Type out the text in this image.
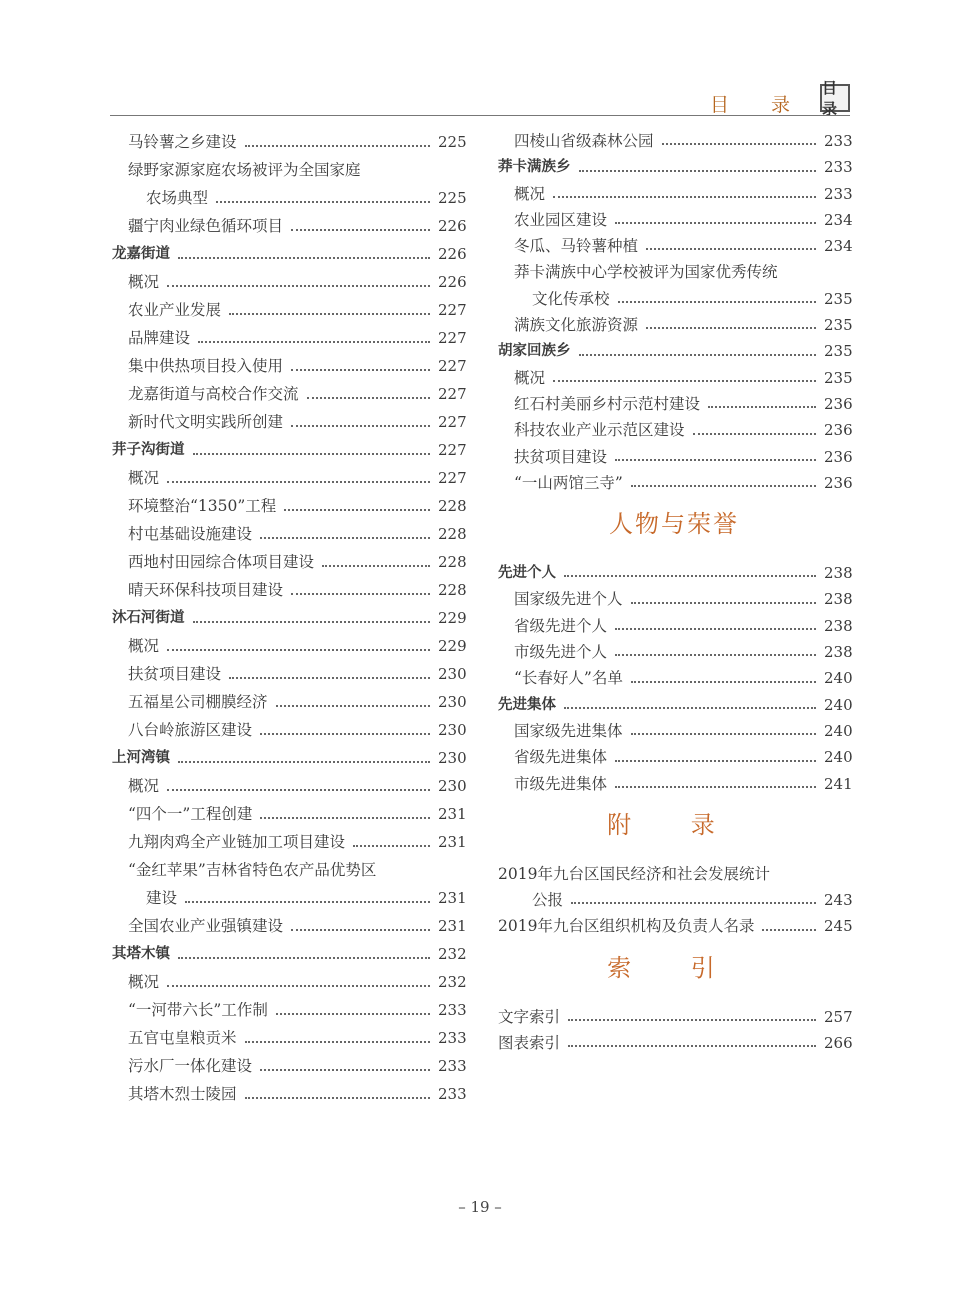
目 录
目录
马铃薯之乡建设	225
绿野家源家庭农场被评为全国家庭
农场典型	225
疆宁肉业绿色循环项目	226
龙嘉街道	226
概况	226
农业产业发展	227
品牌建设	227
集中供热项目投入使用	227
龙嘉街道与高校合作交流	227
新时代文明实践所创建	227
茾子沟街道	227
概况	227
环境整治“1350”工程	228
村屯基础设施建设	228
西地村田园综合体项目建设	228
晴天环保科技项目建设	228
沐石河街道	229
概况	229
扶贫项目建设	230
五福星公司棚膜经济	230
八台岭旅游区建设	230
上河湾镇	230
概况	230
“四个一”工程创建	231
九翔肉鸡全产业链加工项目建设	231
“金红苹果”吉林省特色农产品优势区
建设	231
全国农业产业强镇建设	231
其塔木镇	232
概况	232
“一河带六长”工作制	233
五官屯皇粮贡米	233
污水厂一体化建设	233
其塔木烈士陵园	233
四棱山省级森林公园	233
莽卡满族乡	233
概况	233
农业园区建设	234
冬瓜、马铃薯种植	234
莽卡满族中心学校被评为国家优秀传统
文化传承校	235
满族文化旅游资源	235
胡家回族乡	235
概况	235
红石村美丽乡村示范村建设	236
科技农业产业示范区建设	236
扶贫项目建设	236
“一山两馆三寺”	236
人物与荣誉
先进个人	238
国家级先进个人	238
省级先进个人	238
市级先进个人	238
“长春好人”名单	240
先进集体	240
国家级先进集体	240
省级先进集体	240
市级先进集体	241
附 录
2019年九台区国民经济和社会发展统计
公报	243
2019年九台区组织机构及负责人名录	245
索 引
文字索引	257
图表索引	266
– 19 –
